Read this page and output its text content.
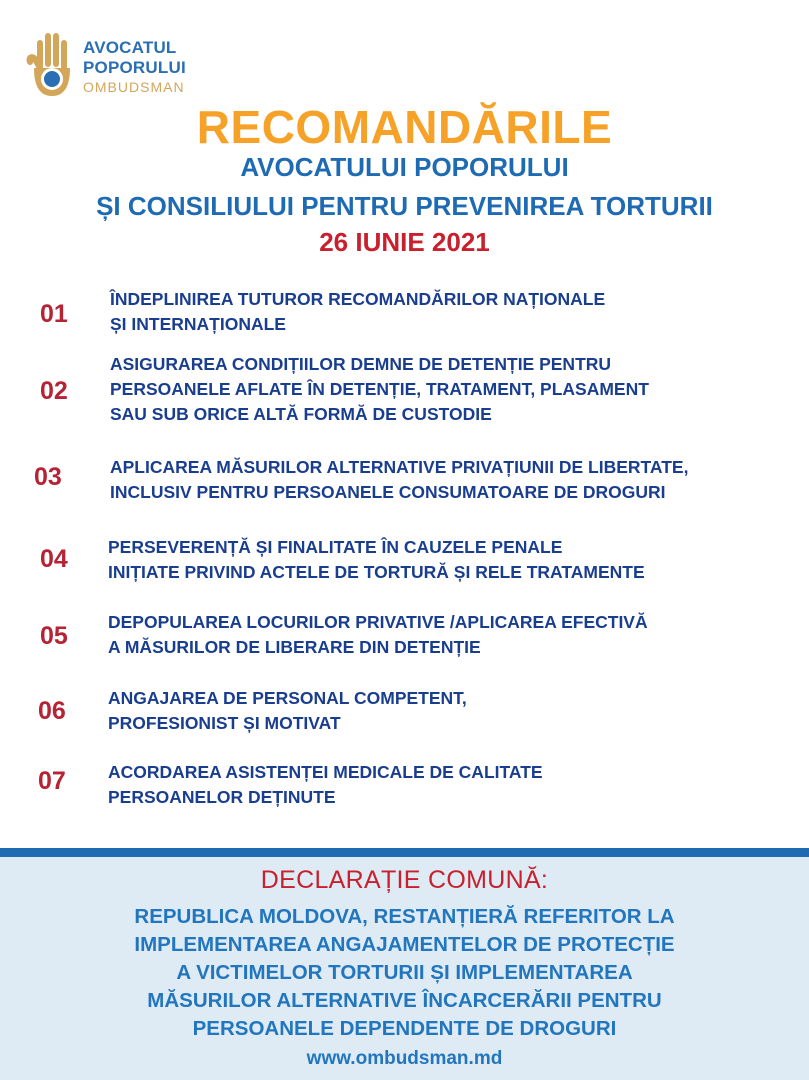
AVOCATUL
POPORULUI
OMBUDSMAN
RECOMANDĂRILE
AVOCATULUI POPORULUI
ȘI CONSILIULUI PENTRU PREVENIREA TORTURII
26 IUNIE 2021
01
ÎNDEPLINIREA TUTUROR RECOMANDĂRILOR NAȚIONALE
ȘI INTERNAȚIONALE
02
ASIGURAREA CONDIȚIILOR DEMNE DE DETENȚIE PENTRU
PERSOANELE AFLATE ÎN DETENȚIE, TRATAMENT, PLASAMENT
SAU SUB ORICE ALTĂ FORMĂ DE CUSTODIE
03	APLICAREA MĂSURILOR ALTERNATIVE PRIVAȚIUNII DE LIBERTATE,
INCLUSIV PENTRU PERSOANELE CONSUMATOARE DE DROGURI
04 PERSEVERENȚĂ ȘI FINALITATE ÎN CAUZELE PENALE
INIȚIATE PRIVIND ACTELE DE TORTURĂ ȘI RELE TRATAMENTE
05 DEPOPULAREA LOCURILOR PRIVATIVE /APLICAREA EFECTIVĂ
A MĂSURILOR DE LIBERARE DIN DETENȚIE
06 ANGAJAREA DE PERSONAL COMPETENT,
PROFESIONIST ȘI MOTIVAT
07 ACORDAREA ASISTENȚEI MEDICALE DE CALITATE
PERSOANELOR DEȚINUTE
DECLARAȚIE COMUNĂ:
REPUBLICA MOLDOVA, RESTANȚIERĂ REFERITOR LA
IMPLEMENTAREA ANGAJAMENTELOR DE PROTECȚIE
A VICTIMELOR TORTURII ȘI IMPLEMENTAREA
MĂSURILOR ALTERNATIVE ÎNCARCERĂRII PENTRU
PERSOANELE DEPENDENTE DE DROGURI
www.ombudsman.md
